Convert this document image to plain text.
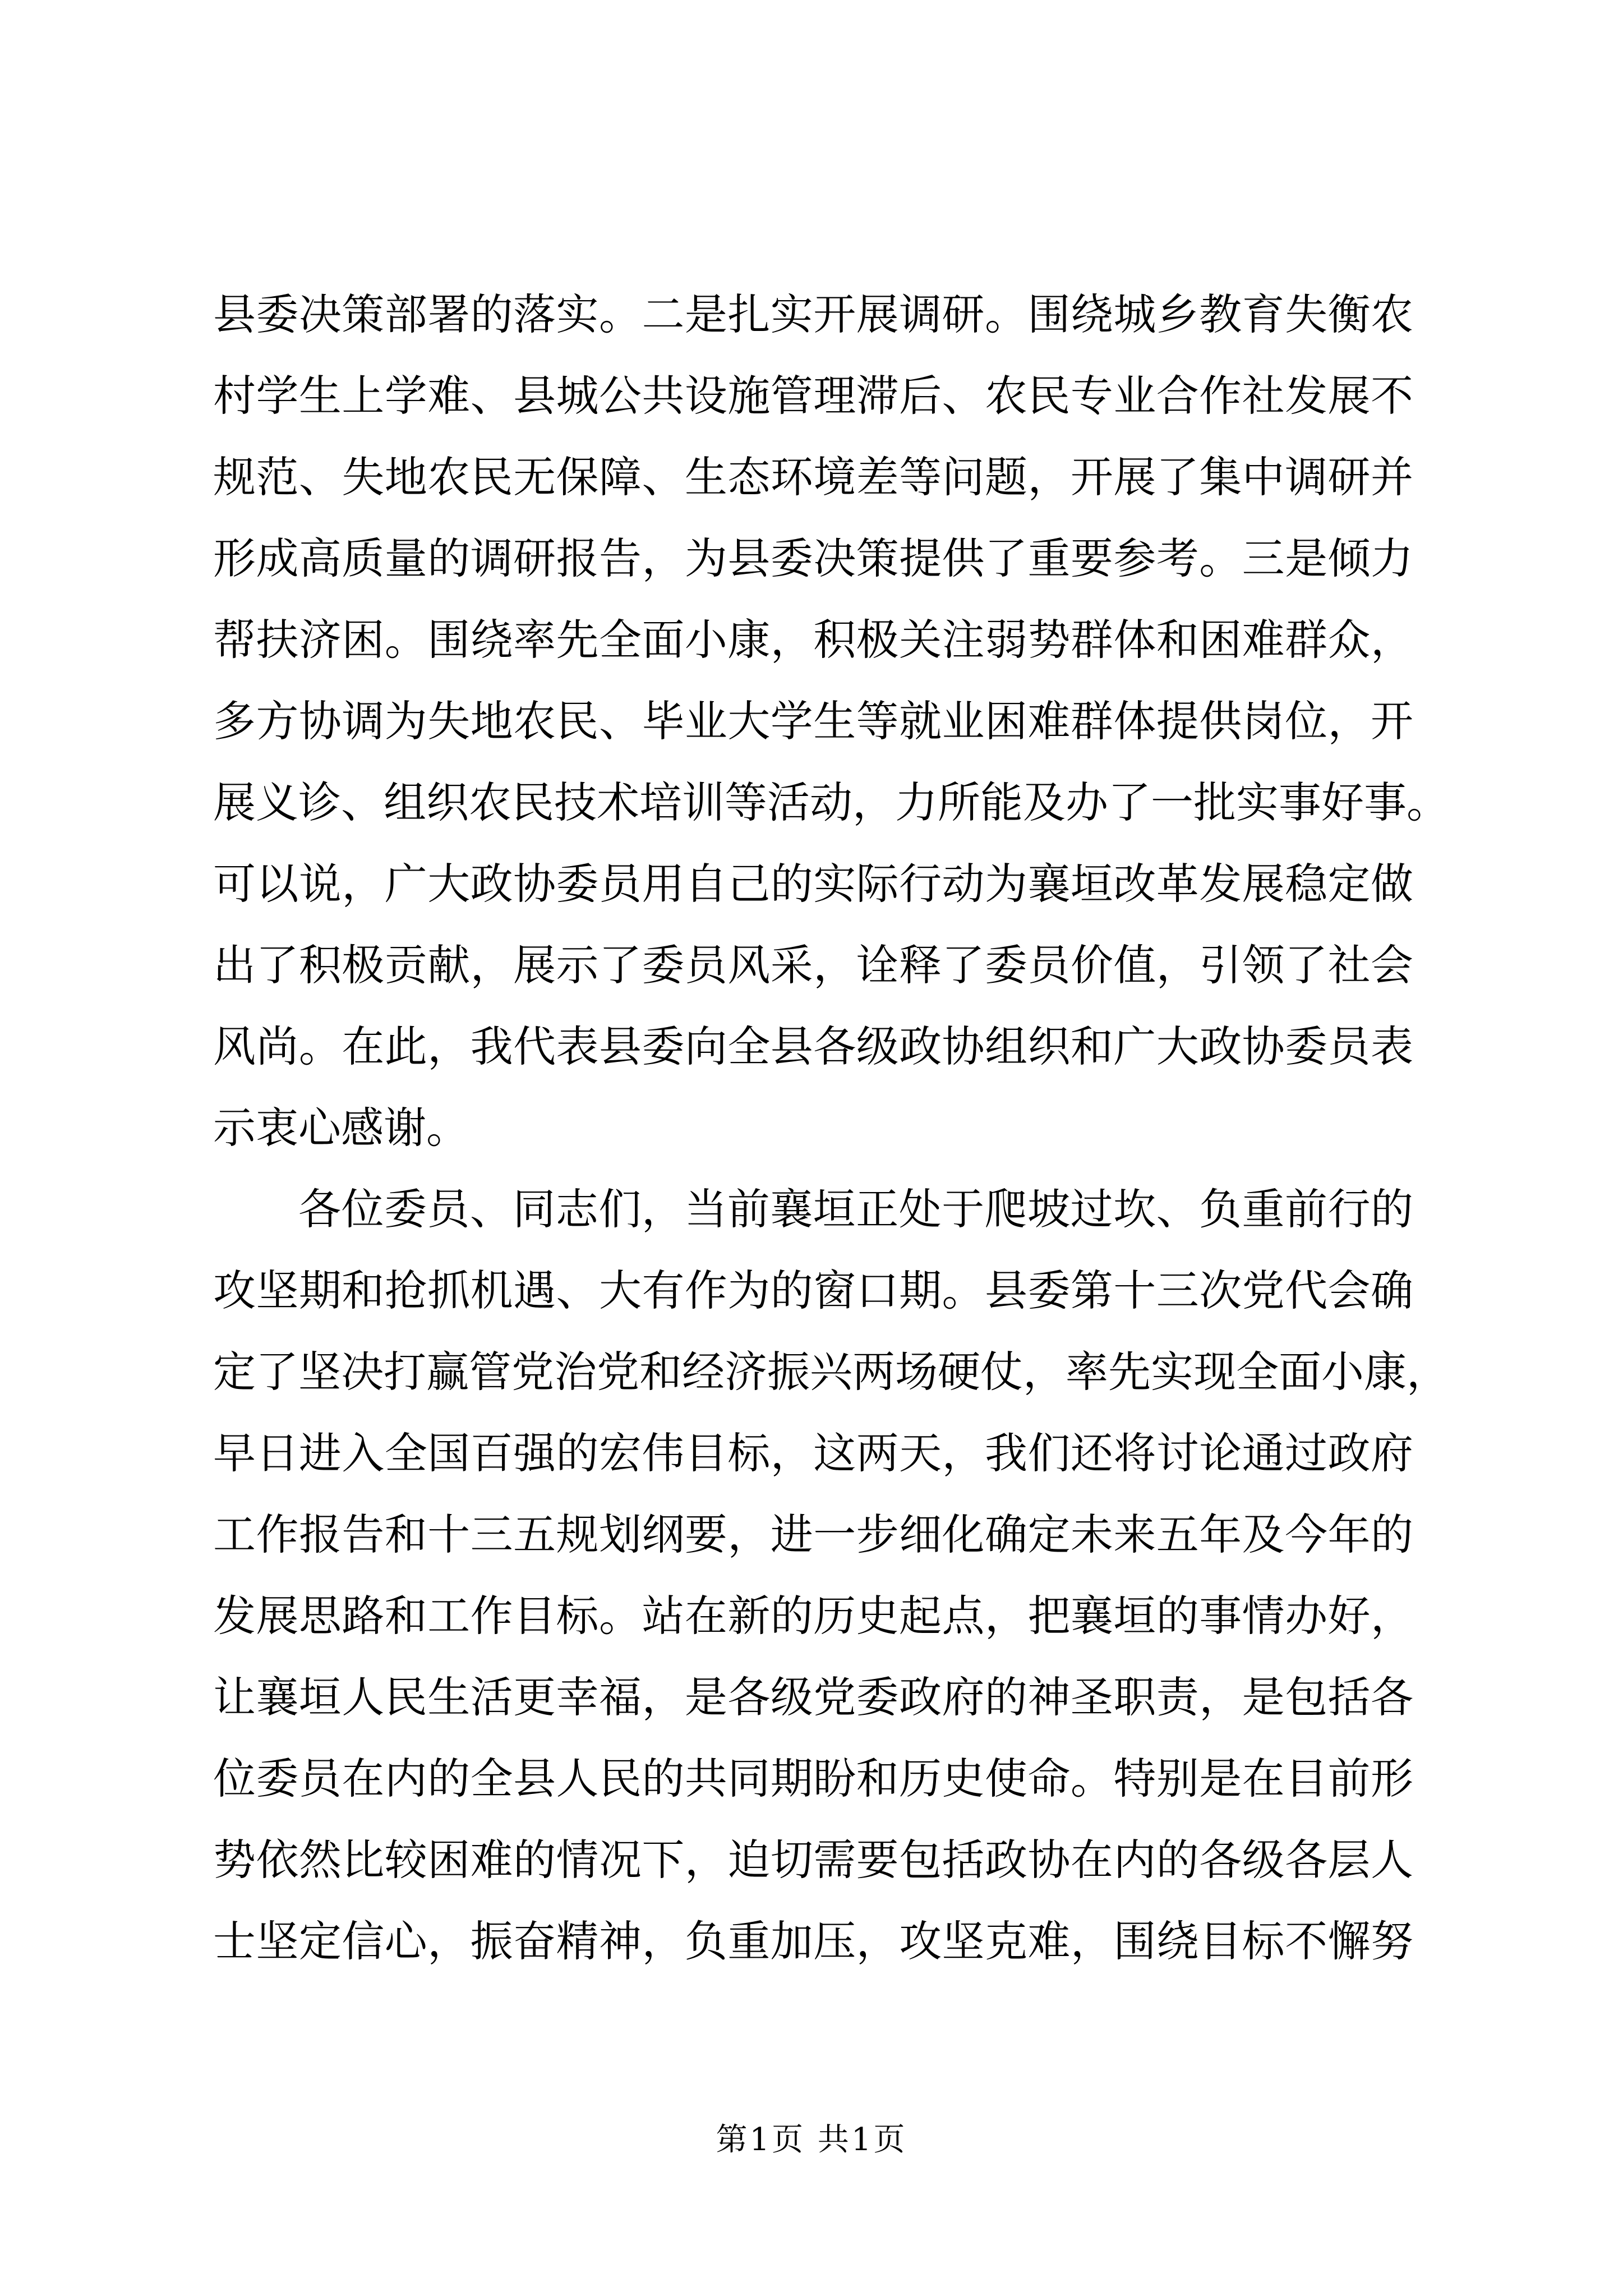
县委决策部署的落实。二是扎实开展调研。围绕城乡教育失衡农
村学生上学难、县城公共设施管理滞后、农民专业合作社发展不
规范、失地农民无保障、生态环境差等问题，开展了集中调研并
形成高质量的调研报告，为县委决策提供了重要参考。三是倾力
帮扶济困。围绕率先全面小康，积极关注弱势群体和困难群众，
多方协调为失地农民、毕业大学生等就业困难群体提供岗位，开
展义诊、组织农民技术培训等活动，力所能及办了一批实事好事。
可以说，广大政协委员用自己的实际行动为襄垣改革发展稳定做
出了积极贡献，展示了委员风采，诠释了委员价值，引领了社会
风尚。在此，我代表县委向全县各级政协组织和广大政协委员表
示衷心感谢。
各位委员、同志们，当前襄垣正处于爬坡过坎、负重前行的
攻坚期和抢抓机遇、大有作为的窗口期。县委第十三次党代会确
定了坚决打赢管党治党和经济振兴两场硬仗，率先实现全面小康，
早日进入全国百强的宏伟目标，这两天，我们还将讨论通过政府
工作报告和十三五规划纲要，进一步细化确定未来五年及今年的
发展思路和工作目标。站在新的历史起点，把襄垣的事情办好，
让襄垣人民生活更幸福，是各级党委政府的神圣职责，是包括各
位委员在内的全县人民的共同期盼和历史使命。特别是在目前形
势依然比较困难的情况下，迫切需要包括政协在内的各级各层人
士坚定信心，振奋精神，负重加压，攻坚克难，围绕目标不懈努
第1页 共1页
